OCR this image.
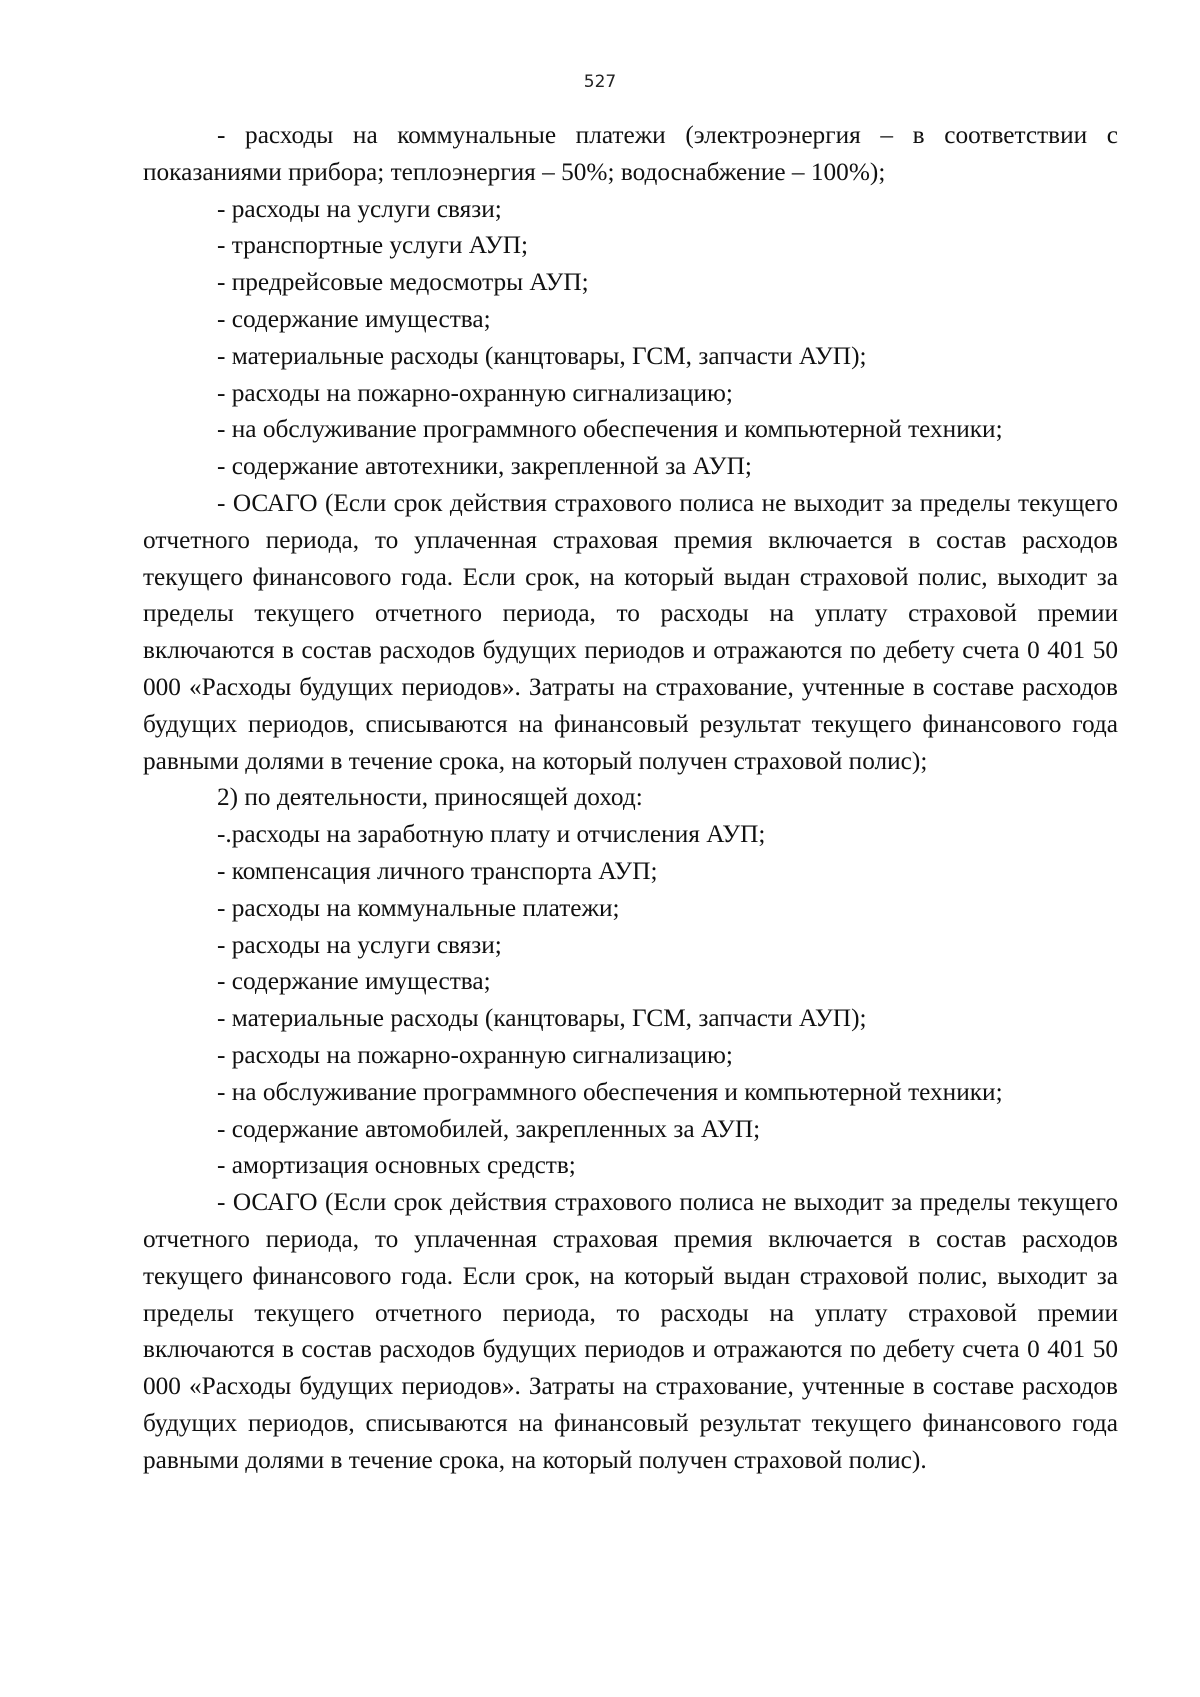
527

- расходы на коммунальные платежи (электроэнергия – в соответствии с показаниями прибора; теплоэнергия – 50%; водоснабжение – 100%);

- расходы на услуги связи;

- транспортные услуги АУП;

- предрейсовые медосмотры АУП;

- содержание имущества;

- материальные расходы (канцтовары, ГСМ, запчасти АУП);

- расходы на пожарно-охранную сигнализацию;

- на обслуживание программного обеспечения и компьютерной техники;

- содержание автотехники, закрепленной за АУП;

- ОСАГО (Если срок действия страхового полиса не выходит за пределы текущего отчетного периода, то уплаченная страховая премия включается в состав расходов текущего финансового года. Если срок, на который выдан страховой полис, выходит за пределы текущего отчетного периода, то расходы на уплату страховой премии включаются в состав расходов будущих периодов и отражаются по дебету счета 0 401 50 000 «Расходы будущих периодов». Затраты на страхование, учтенные в составе расходов будущих периодов, списываются на финансовый результат текущего финансового года равными долями в течение срока, на который получен страховой полис);

2) по деятельности, приносящей доход:

-.расходы на заработную плату и отчисления АУП;

- компенсация личного транспорта АУП;

- расходы на коммунальные платежи;

- расходы на услуги связи;

- содержание имущества;

- материальные расходы (канцтовары, ГСМ, запчасти АУП);

- расходы на пожарно-охранную сигнализацию;

- на обслуживание программного обеспечения и компьютерной техники;

- содержание автомобилей, закрепленных за АУП;

- амортизация основных средств;

- ОСАГО (Если срок действия страхового полиса не выходит за пределы текущего отчетного периода, то уплаченная страховая премия включается в состав расходов текущего финансового года. Если срок, на который выдан страховой полис, выходит за пределы текущего отчетного периода, то расходы на уплату страховой премии включаются в состав расходов будущих периодов и отражаются по дебету счета 0 401 50 000 «Расходы будущих периодов». Затраты на страхование, учтенные в составе расходов будущих периодов, списываются на финансовый результат текущего финансового года равными долями в течение срока, на который получен страховой полис).
